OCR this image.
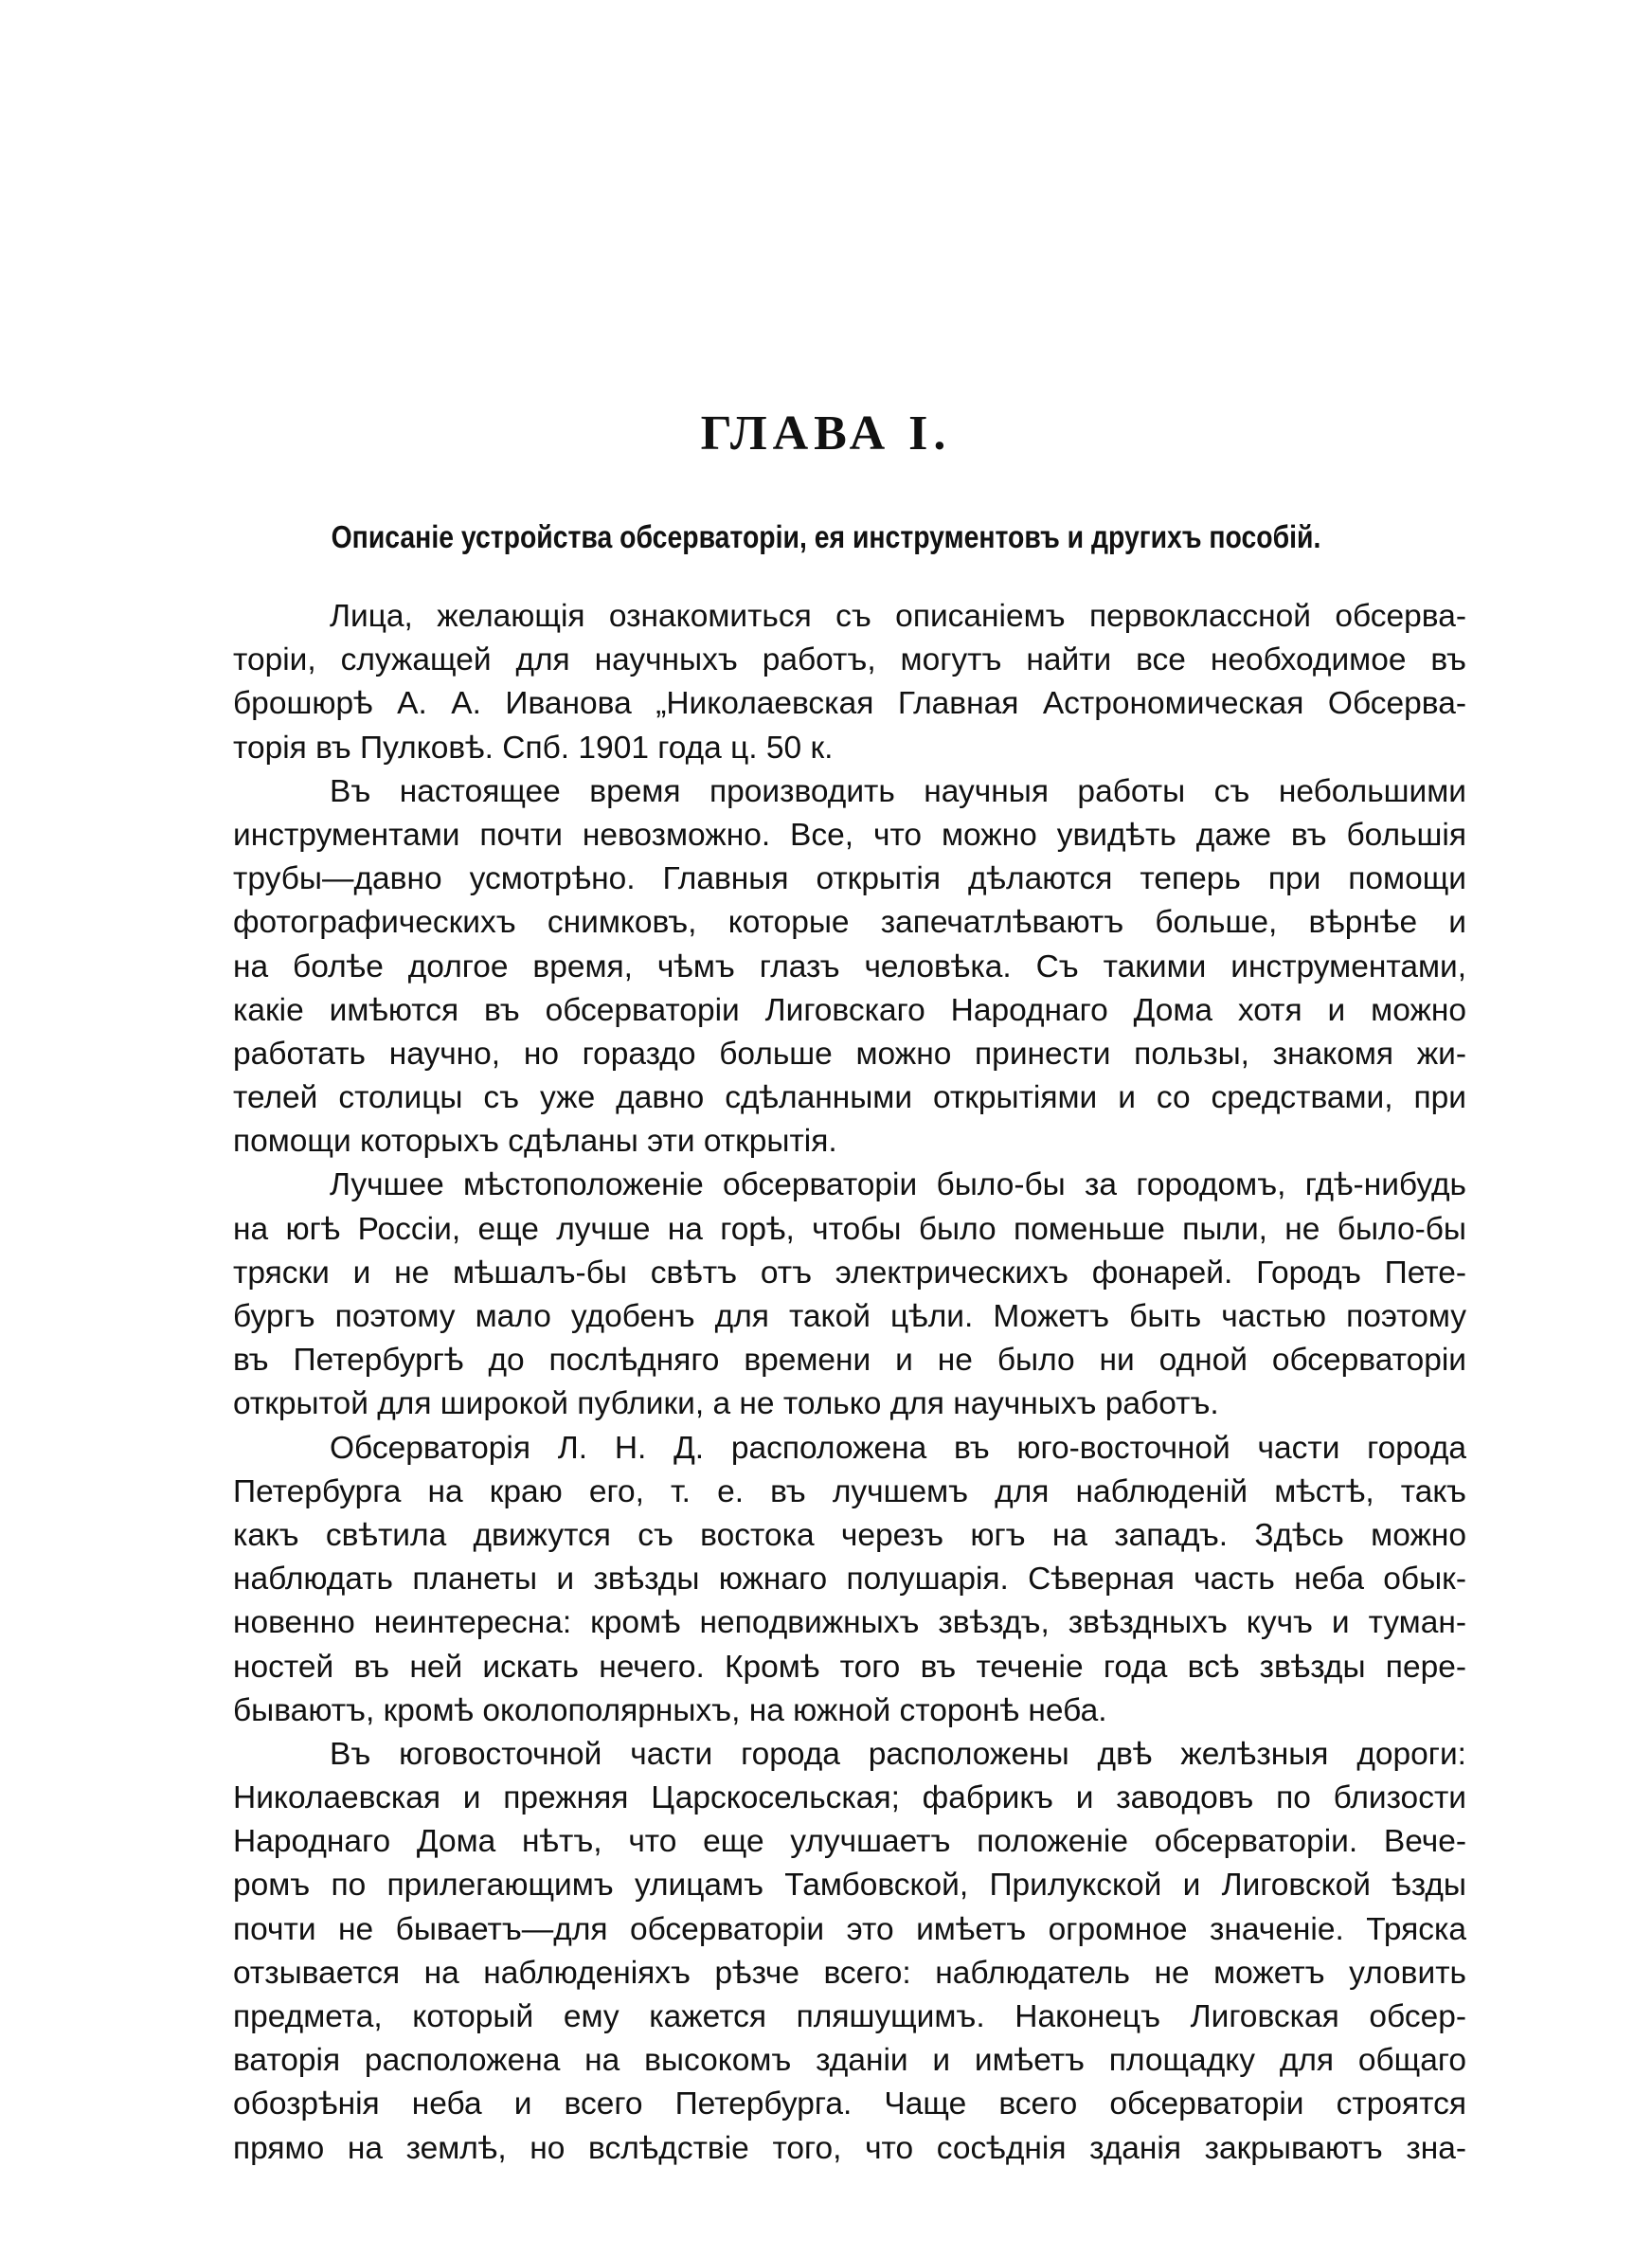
ГЛАВА I.
Описаніе устройства обсерваторіи, ея инструментовъ и другихъ пособій.
Лица, желающія ознакомиться съ описаніемъ первоклассной обсерва-
торіи, служащей для научныхъ работъ, могутъ найти все необходимое въ
брошюрѣ А. А. Иванова „Николаевская Главная Астрономическая Обсерва-
торія въ Пулковѣ. Спб. 1901 года ц. 50 к.
Въ настоящее время производить научныя работы съ небольшими
инструментами почти невозможно. Все, что можно увидѣть даже въ большія
трубы—давно усмотрѣно. Главныя открытія дѣлаются теперь при помощи
фотографическихъ снимковъ, которые запечатлѣваютъ больше, вѣрнѣе и
на болѣе долгое время, чѣмъ глазъ человѣка. Съ такими инструментами,
какіе имѣются въ обсерваторіи Лиговскаго Народнаго Дома хотя и можно
работать научно, но гораздо больше можно принести пользы, знакомя жи-
телей столицы съ уже давно сдѣланными открытіями и со средствами, при
помощи которыхъ сдѣланы эти открытія.
Лучшее мѣстоположеніе обсерваторіи было-бы за городомъ, гдѣ-нибудь
на югѣ Россіи, еще лучше на горѣ, чтобы было поменьше пыли, не было-бы
тряски и не мѣшалъ-бы свѣтъ отъ электрическихъ фонарей. Городъ Пете-
бургъ поэтому мало удобенъ для такой цѣли. Можетъ быть частью поэтому
въ Петербургѣ до послѣдняго времени и не было ни одной обсерваторіи
открытой для широкой публики, а не только для научныхъ работъ.
Обсерваторія Л. Н. Д. расположена въ юго-восточной части города
Петербурга на краю его, т. е. въ лучшемъ для наблюденій мѣстѣ, такъ
какъ свѣтила движутся съ востока черезъ югъ на западъ. Здѣсь можно
наблюдать планеты и звѣзды южнаго полушарія. Сѣверная часть неба обык-
новенно неинтересна: кромѣ неподвижныхъ звѣздъ, звѣздныхъ кучъ и туман-
ностей въ ней искать нечего. Кромѣ того въ теченіе года всѣ звѣзды пере-
бываютъ, кромѣ околополярныхъ, на южной сторонѣ неба.
Въ юговосточной части города расположены двѣ желѣзныя дороги:
Николаевская и прежняя Царскосельская; фабрикъ и заводовъ по близости
Народнаго Дома нѣтъ, что еще улучшаетъ положеніе обсерваторіи. Вече-
ромъ по прилегающимъ улицамъ Тамбовской, Прилукской и Лиговской ѣзды
почти не бываетъ—для обсерваторіи это имѣетъ огромное значеніе. Тряска
отзывается на наблюденіяхъ рѣзче всего: наблюдатель не можетъ уловить
предмета, который ему кажется пляшущимъ. Наконецъ Лиговская обсер-
ваторія расположена на высокомъ зданіи и имѣетъ площадку для общаго
обозрѣнія неба и всего Петербурга. Чаще всего обсерваторіи строятся
прямо на землѣ, но вслѣдствіе того, что сосѣднія зданія закрываютъ зна-
